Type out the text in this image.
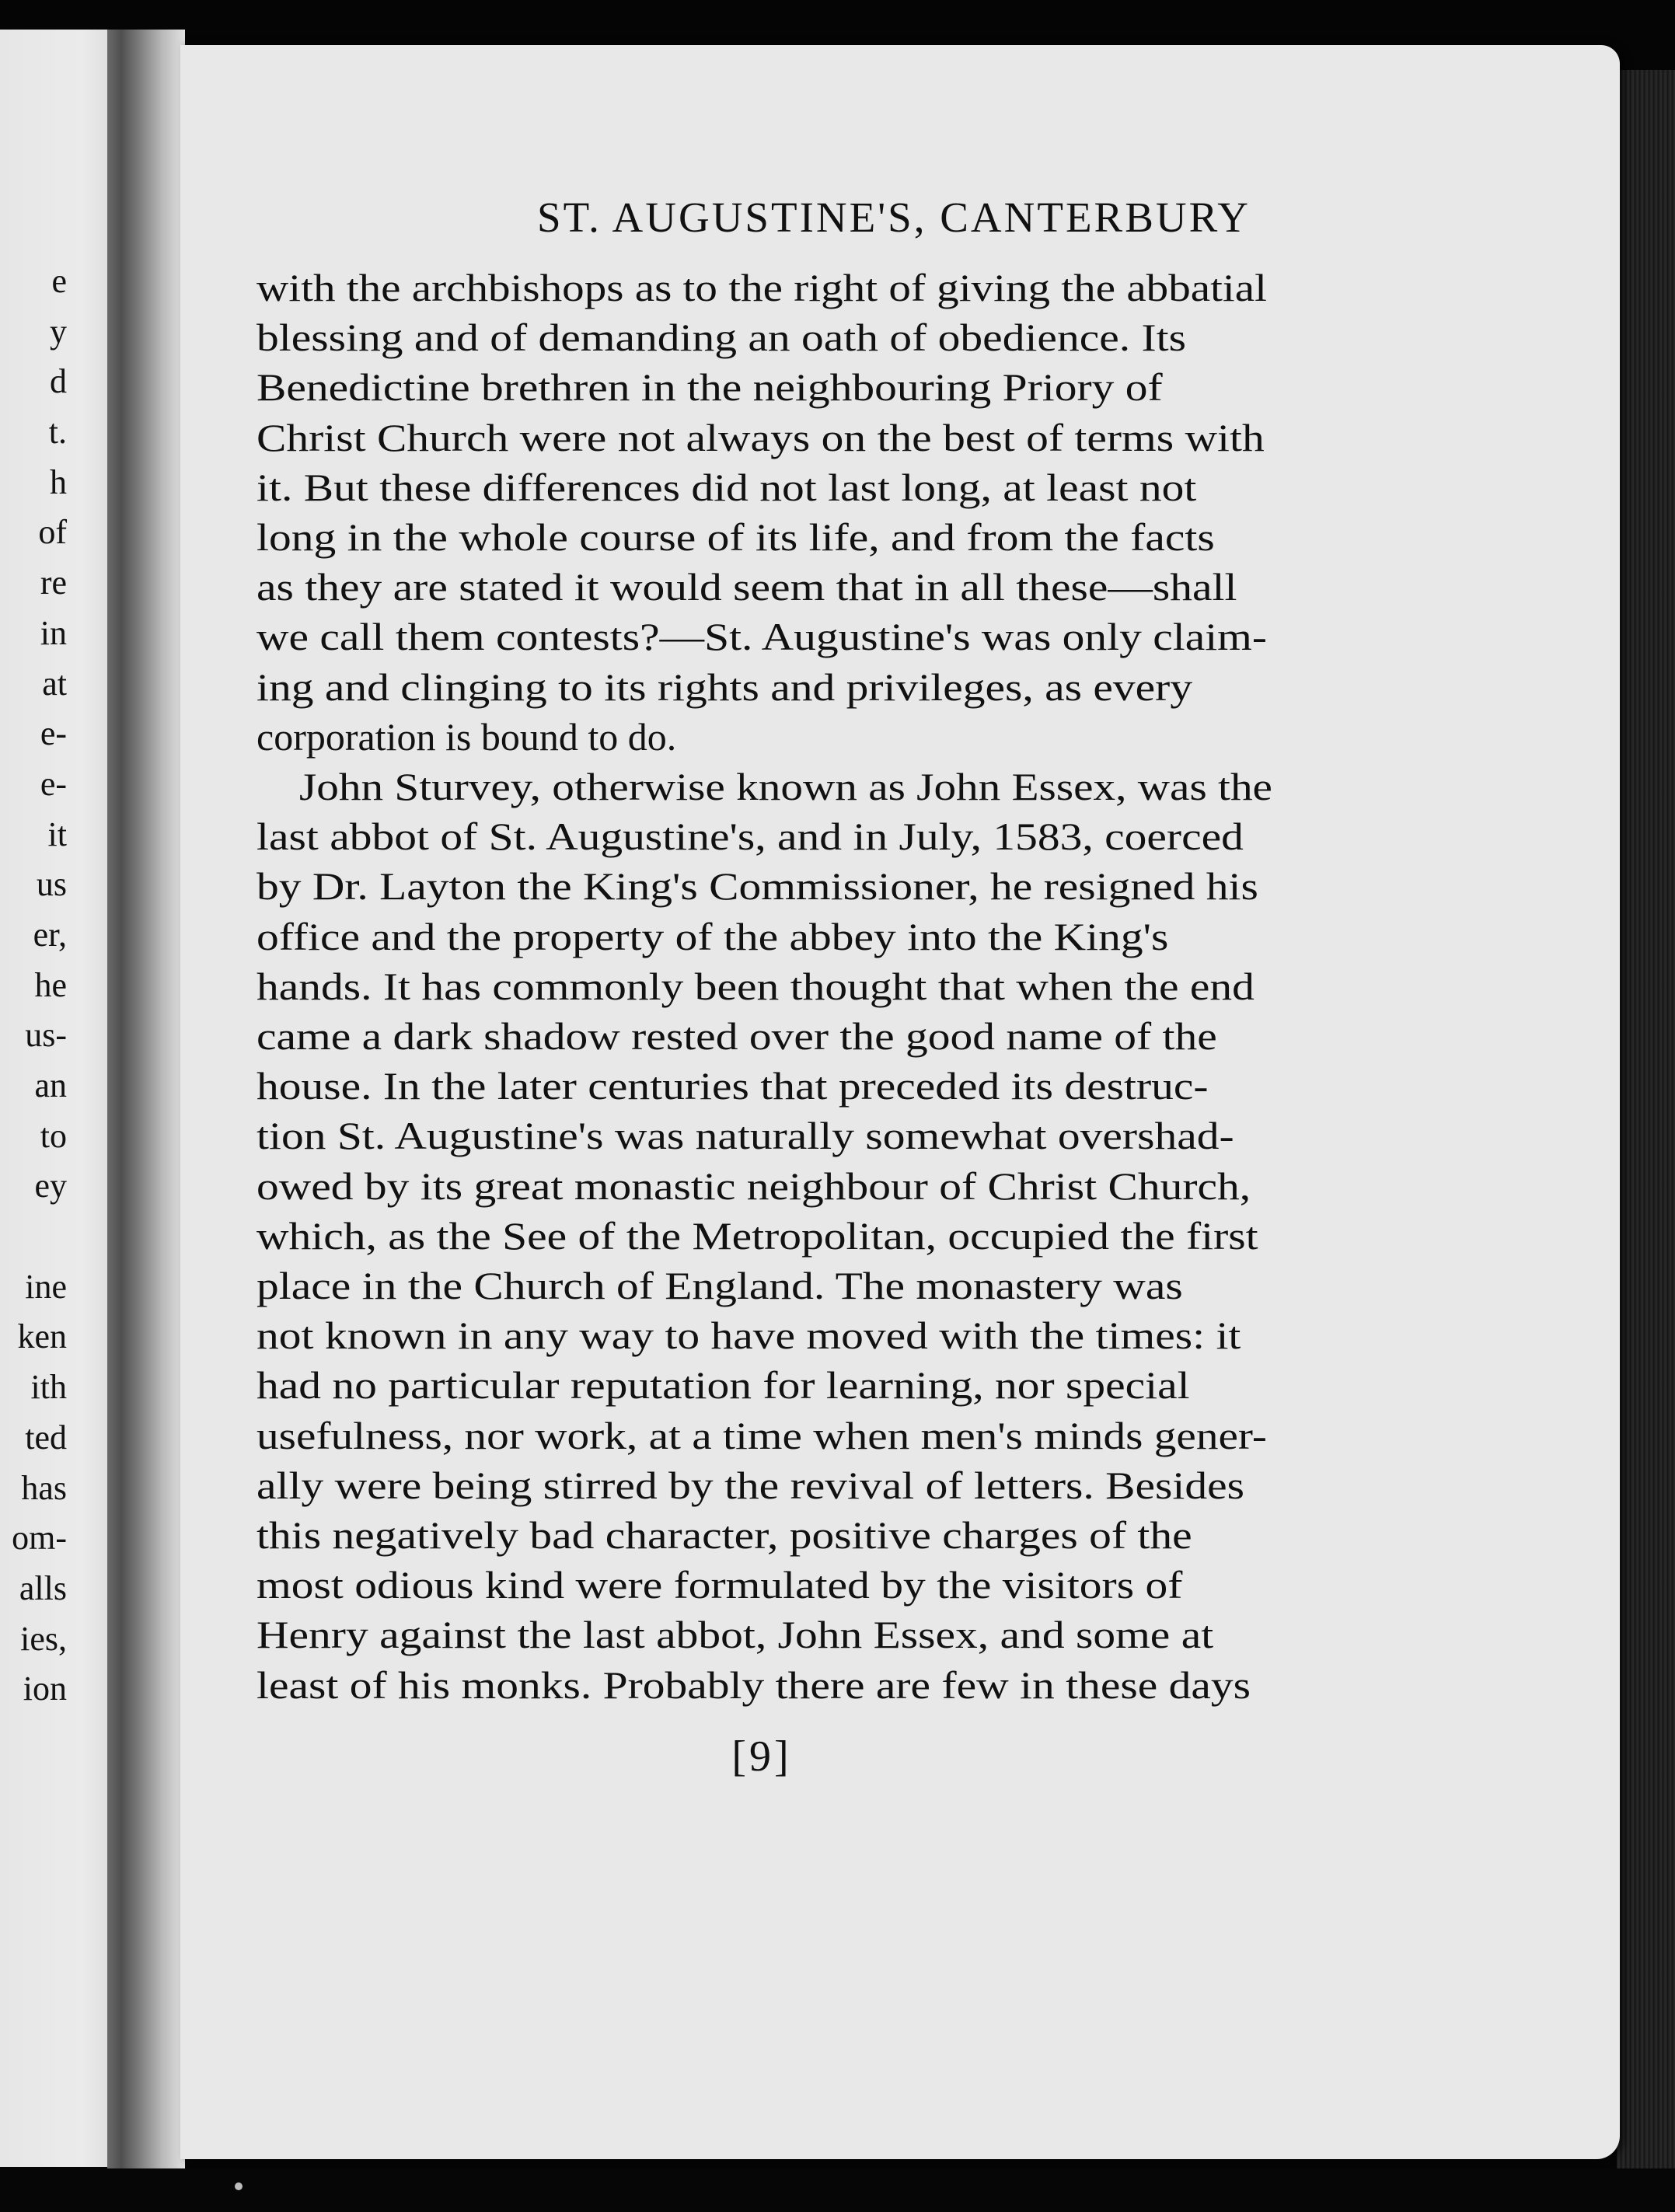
e
y
d
t.
h
of
re
in
at
e-
e-
it
us
er,
he
us-
an
to
ey

ine
ken
ith
ted
has
om-
alls
ies,
ion
ST. AUGUSTINE'S, CANTERBURY
with the archbishops as to the right of giving the abbatial
blessing and of demanding an oath of obedience. Its
Benedictine brethren in the neighbouring Priory of
Christ Church were not always on the best of terms with
it. But these differences did not last long, at least not
long in the whole course of its life, and from the facts
as they are stated it would seem that in all these—shall
we call them contests?—St. Augustine's was only claim-
ing and clinging to its rights and privileges, as every
corporation is bound to do.
John Sturvey, otherwise known as John Essex, was the
last abbot of St. Augustine's, and in July, 1583, coerced
by Dr. Layton the King's Commissioner, he resigned his
office and the property of the abbey into the King's
hands. It has commonly been thought that when the end
came a dark shadow rested over the good name of the
house. In the later centuries that preceded its destruc-
tion St. Augustine's was naturally somewhat overshad-
owed by its great monastic neighbour of Christ Church,
which, as the See of the Metropolitan, occupied the first
place in the Church of England. The monastery was
not known in any way to have moved with the times: it
had no particular reputation for learning, nor special
usefulness, nor work, at a time when men's minds gener-
ally were being stirred by the revival of letters. Besides
this negatively bad character, positive charges of the
most odious kind were formulated by the visitors of
Henry against the last abbot, John Essex, and some at
least of his monks. Probably there are few in these days
[9]
